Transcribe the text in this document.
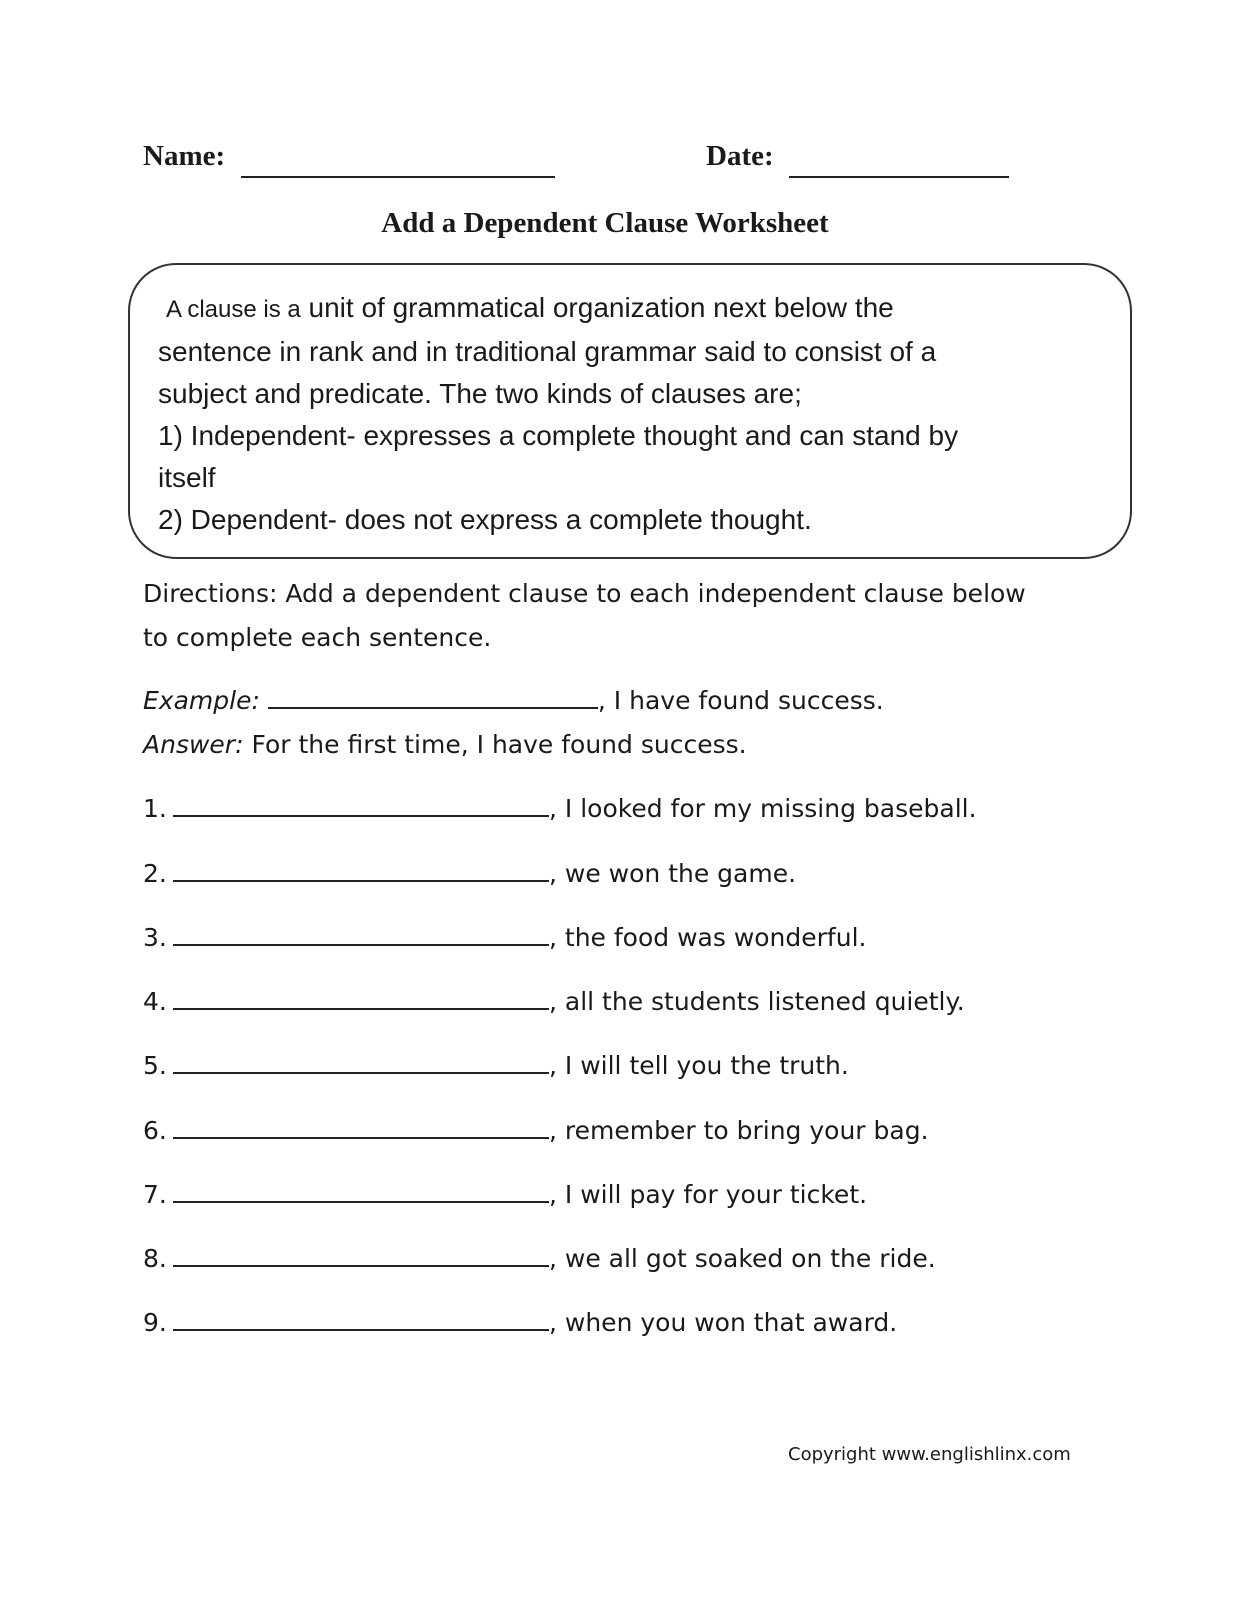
Name:	Date:
Add a Dependent Clause Worksheet
A clause is a unit of grammatical organization next below the
sentence in rank and in traditional grammar said to consist of a
subject and predicate. The two kinds of clauses are;
1) Independent- expresses a complete thought and can stand by
itself
2) Dependent- does not express a complete thought.
Directions: Add a dependent clause to each independent clause below
to complete each sentence.
Example:	, I have found success.
Answer: For the first time, I have found success.
1.	, I looked for my missing baseball.
2.	, we won the game.
3.	, the food was wonderful.
4.	, all the students listened quietly.
5.	, I will tell you the truth.
6.	, remember to bring your bag.
7.	, I will pay for your ticket.
8.	, we all got soaked on the ride.
9.	, when you won that award.
Copyright www.englishlinx.com
